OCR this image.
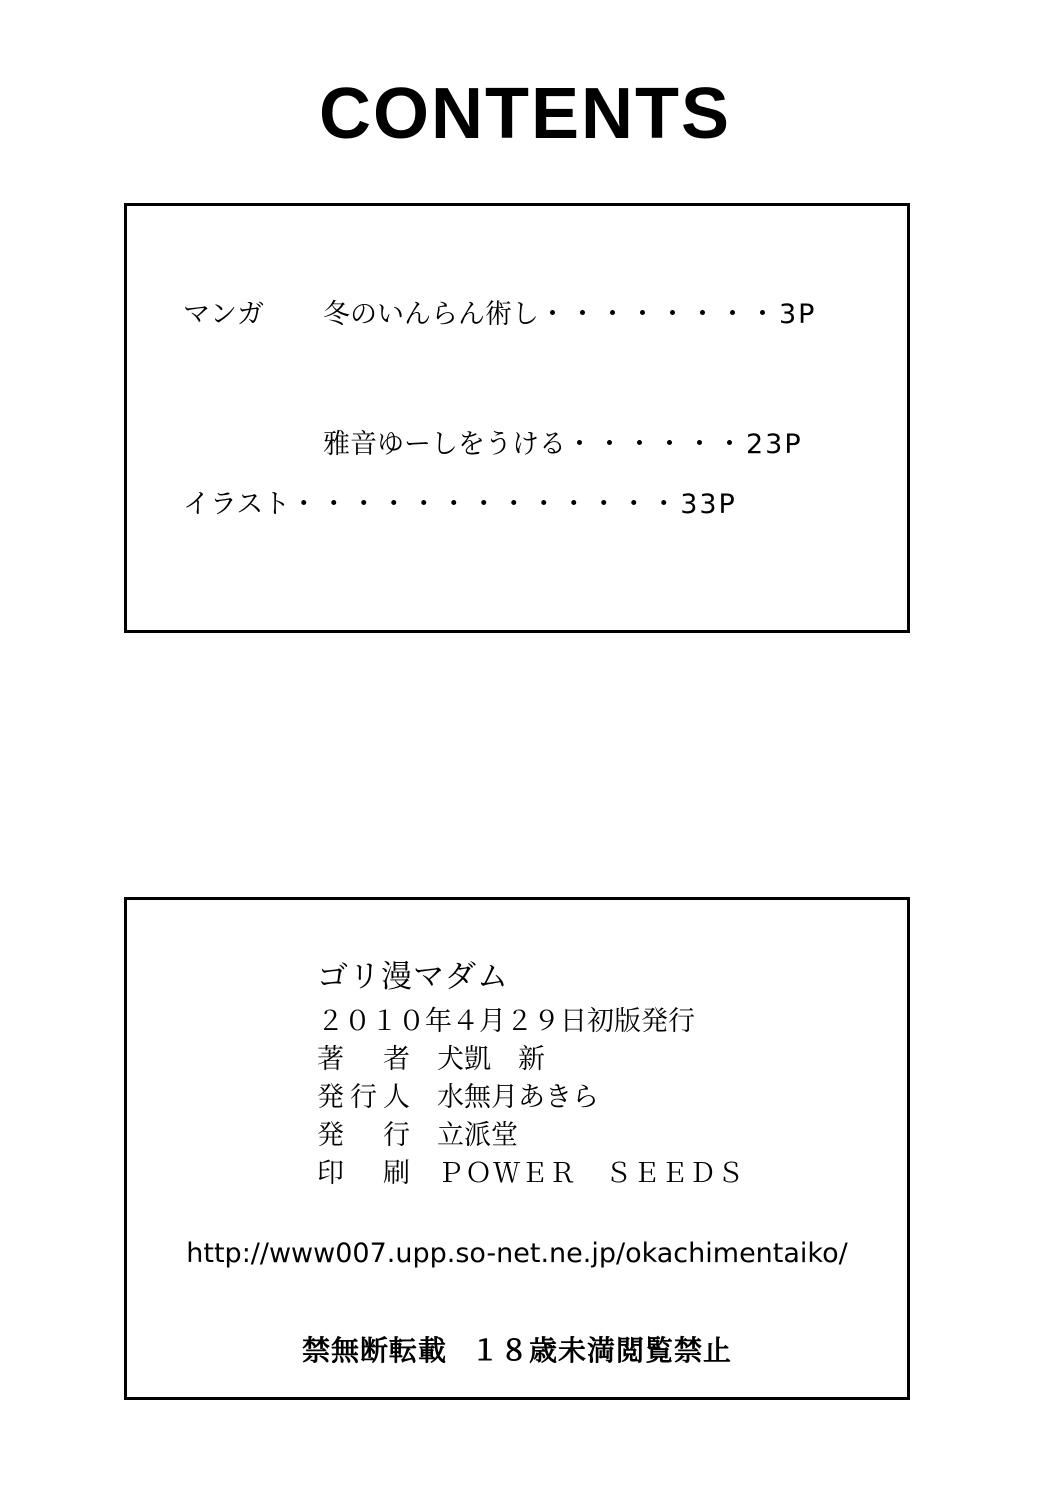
CONTENTS
マンガ 冬のいんらん術し・・・・・・・・3P
雅音ゆーしをうける・・・・・・23P
イラスト・・・・・・・・・・・・・33P
ゴリ漫マダム
２０１０年４月２９日初版発行
著　者 犬凱　新
発行人 水無月あきら
発　行 立派堂
印　刷 ＰＯＷＥＲ　ＳＥＥＤＳ
http://www007.upp.so-net.ne.jp/okachimentaiko/
禁無断転載 １８歳未満閲覧禁止
